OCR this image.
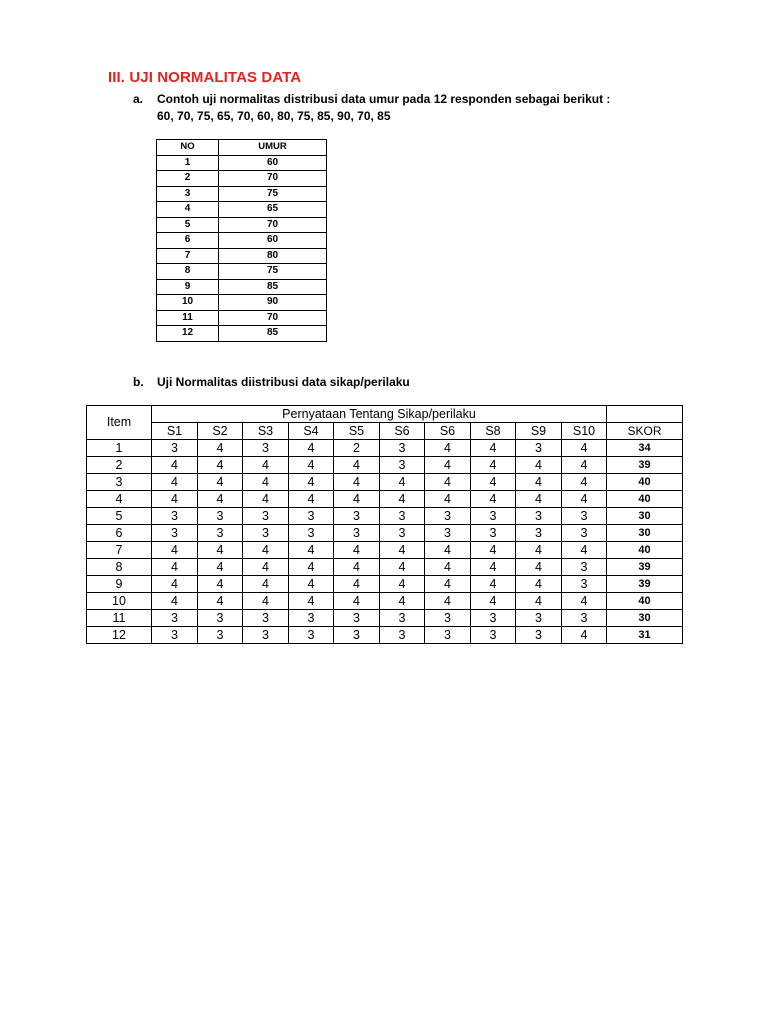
III. UJI NORMALITAS DATA
a. Contoh uji normalitas distribusi data umur pada 12 responden sebagai berikut :
60, 70, 75, 65, 70, 60, 80, 75, 85, 90, 70, 85
NO	UMUR
1	60
2	70
3	75
4	65
5	70
6	60
7	80
8	75
9	85
10	90
11	70
12	85
b. Uji Normalitas diistribusi data sikap/perilaku
Item	Pernyataan Tentang Sikap/perilaku										
	S1	S2	S3	S4	S5	S6	S6	S8	S9	S10	SKOR
1	3	4	3	4	2	3	4	4	3	4	34
2	4	4	4	4	4	3	4	4	4	4	39
3	4	4	4	4	4	4	4	4	4	4	40
4	4	4	4	4	4	4	4	4	4	4	40
5	3	3	3	3	3	3	3	3	3	3	30
6	3	3	3	3	3	3	3	3	3	3	30
7	4	4	4	4	4	4	4	4	4	4	40
8	4	4	4	4	4	4	4	4	4	3	39
9	4	4	4	4	4	4	4	4	4	3	39
10	4	4	4	4	4	4	4	4	4	4	40
11	3	3	3	3	3	3	3	3	3	3	30
12	3	3	3	3	3	3	3	3	3	4	31
